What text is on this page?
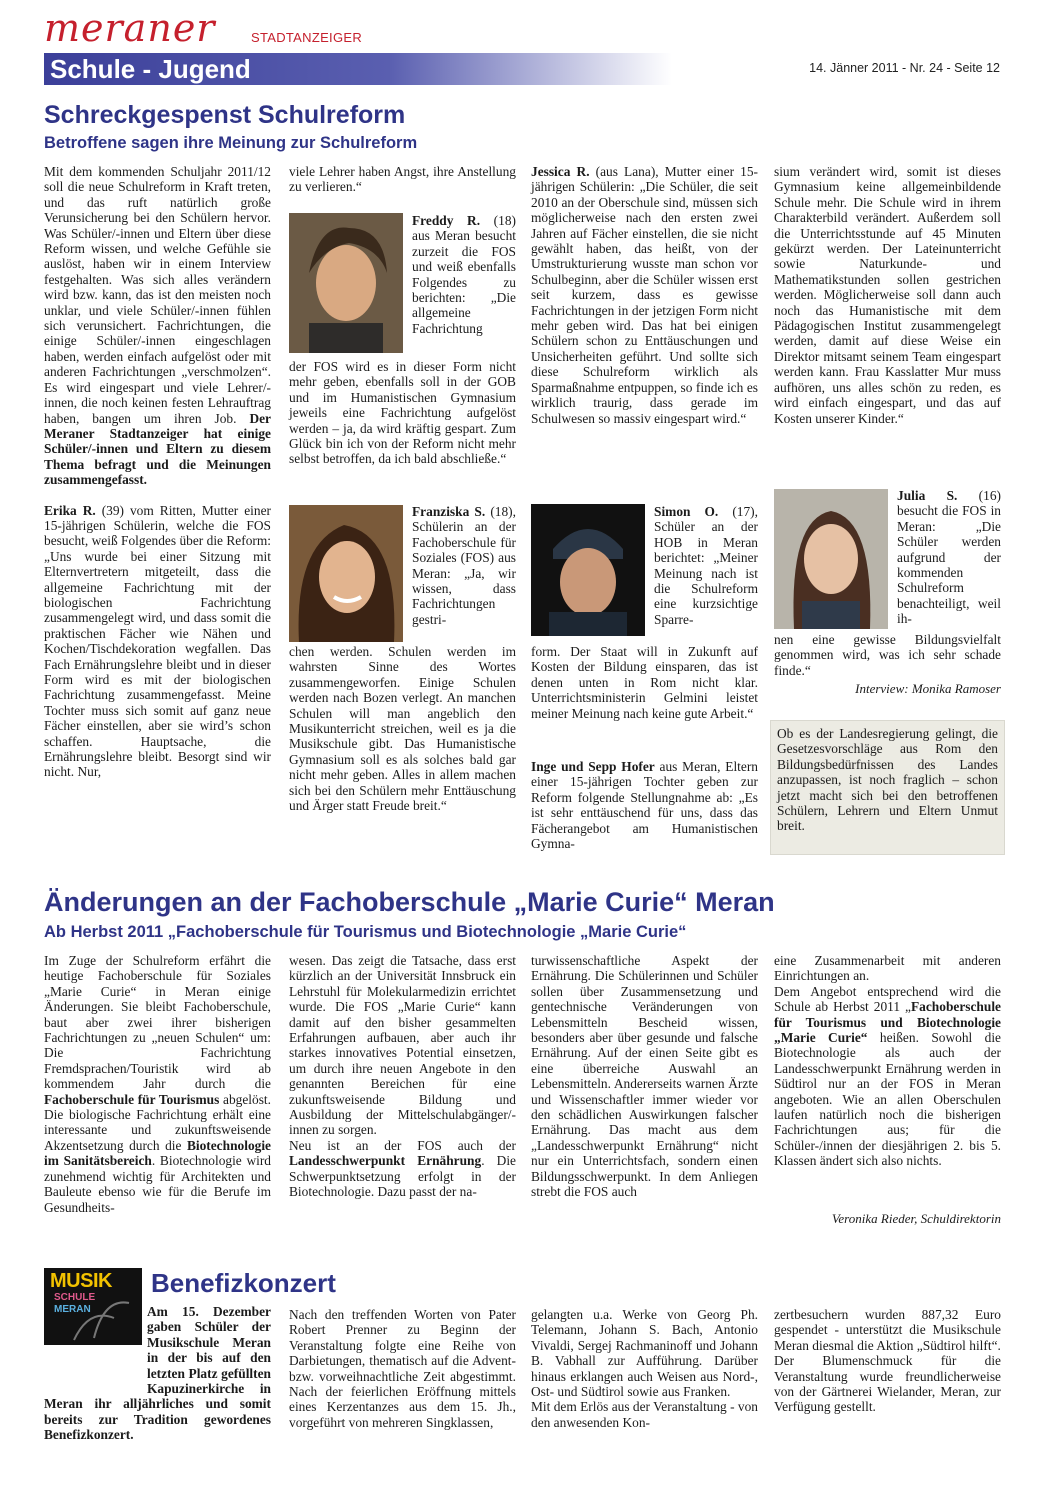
meraner	STADTANZEIGER
Schule - Jugend	14. Jänner 2011 - Nr. 24 - Seite 12
Schreckgespenst Schulreform
Betroffene sagen ihre Meinung zur Schulreform

Mit dem kommenden Schuljahr 2011/12 soll die neue Schulreform in Kraft treten, und das ruft natürlich große Verunsicherung bei den Schülern hervor. Was Schüler/-innen und Eltern über diese Reform wissen, und welche Gefühle sie auslöst, haben wir in einem Interview festgehalten. Was sich alles verändern wird bzw. kann, das ist den meisten noch unklar, und viele Schüler/-innen fühlen sich verunsichert. Fachrichtungen, die einige Schüler/-innen eingeschlagen haben, werden einfach aufgelöst oder mit anderen Fachrichtungen „verschmolzen“. Es wird eingespart und viele Lehrer/-innen, die noch keinen festen Lehrauftrag haben, bangen um ihren Job. Der Meraner Stadtanzeiger hat einige Schüler/-innen und Eltern zu diesem Thema befragt und die Meinungen zusammengefasst.

Erika R. (39) vom Ritten, Mutter einer 15-jährigen Schülerin, welche die FOS besucht, weiß Folgendes über die Reform: „Uns wurde bei einer Sitzung mit Elternvertretern mitgeteilt, dass die allgemeine Fachrichtung mit der biologischen Fachrichtung zusammengelegt wird, und dass somit die praktischen Fächer wie Nähen und Kochen/Tischdekoration wegfallen. Das Fach Ernährungslehre bleibt und in dieser Form wird es mit der biologischen Fachrichtung zusammengefasst. Meine Tochter muss sich somit auf ganz neue Fächer einstellen, aber sie wird’s schon schaffen. Hauptsache, die Ernährungslehre bleibt. Besorgt sind wir nicht. Nur,

viele Lehrer haben Angst, ihre Anstellung zu verlieren.“

Freddy R. (18) aus Meran besucht zurzeit die FOS und weiß ebenfalls Folgendes zu berichten: „Die allgemeine Fachrichtung
der FOS wird es in dieser Form nicht mehr geben, ebenfalls soll in der GOB und im Humanistischen Gymnasium jeweils eine Fachrichtung aufgelöst werden – ja, da wird kräftig gespart. Zum Glück bin ich von der Reform nicht mehr selbst betroffen, da ich bald abschließe.“
Franziska S. (18), Schülerin an der Fachoberschule für Soziales (FOS) aus Meran: „Ja, wir wissen, dass Fachrichtungen gestri-
chen werden. Schulen werden im wahrsten Sinne des Wortes zusammengeworfen. Einige Schulen werden nach Bozen verlegt. An manchen Schulen will man angeblich den Musikunterricht streichen, weil es ja die Musikschule gibt. Das Humanistische Gymnasium soll es als solches bald gar nicht mehr geben. Alles in allem machen sich bei den Schülern mehr Enttäuschung und Ärger statt Freude breit.“
Jessica R. (aus Lana), Mutter einer 15-jährigen Schülerin: „Die Schüler, die seit 2010 an der Oberschule sind, müssen sich möglicherweise nach den ersten zwei Jahren auf Fächer einstellen, die sie nicht gewählt haben, das heißt, von der Umstrukturierung wusste man schon vor Schulbeginn, aber die Schüler wissen erst seit kurzem, dass es gewisse Fachrichtungen in der jetzigen Form nicht mehr geben wird. Das hat bei einigen Schülern schon zu Enttäuschungen und Unsicherheiten geführt. Und sollte sich diese Schulreform wirklich als Sparmaßnahme entpuppen, so finde ich es wirklich traurig, dass gerade im Schulwesen so massiv eingespart wird.“
Simon O. (17), Schüler an der HOB in Meran berichtet: „Meiner Meinung nach ist die Schulreform eine kurzsichtige Sparre-
form. Der Staat will in Zukunft auf Kosten der Bildung einsparen, das ist denen unten in Rom nicht klar. Unterrichtsministerin Gelmini leistet meiner Meinung nach keine gute Arbeit.“
Inge und Sepp Hofer aus Meran, Eltern einer 15-jährigen Tochter geben zur Reform folgende Stellungnahme ab: „Es ist sehr enttäuschend für uns, dass das Fächerangebot am Humanistischen Gymna-
sium verändert wird, somit ist dieses Gymnasium keine allgemeinbildende Schule mehr. Die Schule wird in ihrem Charakterbild verändert. Außerdem soll die Unterrichtsstunde auf 45 Minuten gekürzt werden. Der Lateinunterricht sowie Naturkunde- und Mathematikstunden sollen gestrichen werden. Möglicherweise soll dann auch noch das Humanistische mit dem Pädagogischen Institut zusammengelegt werden, damit auf diese Weise ein Direktor mitsamt seinem Team eingespart werden kann. Frau Kasslatter Mur muss aufhören, uns alles schön zu reden, es wird einfach eingespart, und das auf Kosten unserer Kinder.“
Julia S. (16) besucht die FOS in Meran: „Die Schüler werden aufgrund der kommenden Schulreform benachteiligt, weil ih-
nen eine gewisse Bildungsvielfalt genommen wird, was ich sehr schade finde.“
Interview: Monika Ramoser
Ob es der Landesregierung gelingt, die Gesetzesvorschläge aus Rom den Bildungsbedürfnissen des Landes anzupassen, ist noch fraglich – schon jetzt macht sich bei den betroffenen Schülern, Lehrern und Eltern Unmut breit.
Änderungen an der Fachoberschule „Marie Curie“ Meran
Ab Herbst 2011 „Fachoberschule für Tourismus und Biotechnologie „Marie Curie“
Im Zuge der Schulreform erfährt die heutige Fachoberschule für Soziales „Marie Curie“ in Meran einige Änderungen. Sie bleibt Fachoberschule, baut aber zwei ihrer bisherigen Fachrichtungen zu „neuen Schulen“ um: Die Fachrichtung Fremdsprachen/Touristik wird ab kommendem Jahr durch die Fachoberschule für Tourismus abgelöst. Die biologische Fachrichtung erhält eine interessante und zukunftsweisende Akzentsetzung durch die Biotechnologie im Sanitätsbereich. Biotechnologie wird zunehmend wichtig für Architekten und Bauleute ebenso wie für die Berufe im Gesundheits-

wesen. Das zeigt die Tatsache, dass erst kürzlich an der Universität Innsbruck ein Lehrstuhl für Molekularmedizin errichtet wurde. Die FOS „Marie Curie“ kann damit auf den bisher gesammelten Erfahrungen aufbauen, aber auch ihr starkes innovatives Potential einsetzen, um durch ihre neuen Angebote in den genannten Bereichen für eine zukunftsweisende Bildung und Ausbildung der Mittelschulabgänger/-innen zu sorgen.

Neu ist an der FOS auch der Landesschwerpunkt Ernährung. Die Schwerpunktsetzung erfolgt in der Biotechnologie. Dazu passt der na-

turwissenschaftliche Aspekt der Ernährung. Die Schülerinnen und Schüler sollen über Zusammensetzung und gentechnische Veränderungen von Lebensmitteln Bescheid wissen, besonders aber über gesunde und falsche Ernährung. Auf der einen Seite gibt es eine überreiche Auswahl an Lebensmitteln. Andererseits warnen Ärzte und Wissenschaftler immer wieder vor den schädlichen Auswirkungen falscher Ernährung. Das macht aus dem „Landesschwerpunkt Ernährung“ nicht nur ein Unterrichtsfach, sondern einen Bildungsschwerpunkt. In dem Anliegen strebt die FOS auch

eine Zusammenarbeit mit anderen Einrichtungen an.

Dem Angebot entsprechend wird die Schule ab Herbst 2011 „Fachoberschule für Tourismus und Biotechnologie „Marie Curie“ heißen. Sowohl die Biotechnologie als auch der Landesschwerpunkt Ernährung werden in Südtirol nur an der FOS in Meran angeboten. Wie an allen Oberschulen laufen natürlich noch die bisherigen Fachrichtungen aus; für die Schüler-/innen der diesjährigen 2. bis 5. Klassen ändert sich also nichts.

Veronika Rieder, Schuldirektorin
MUSIK
SCHULE
MERAN
Benefizkonzert
Am 15. Dezember gaben Schüler der Musikschule Meran in der bis auf den letzten Platz gefüllten Kapuzinerkirche in Meran ihr alljährliches und somit bereits zur Tradition gewordenes Benefizkonzert.
Nach den treffenden Worten von Pater Robert Prenner zu Beginn der Veranstaltung folgte eine Reihe von Darbietungen, thematisch auf die Advent- bzw. vorweihnachtliche Zeit abgestimmt. Nach der feierlichen Eröffnung mittels eines Kerzentanzes aus dem 15. Jh., vorgeführt von mehreren Singklassen,

gelangten u.a. Werke von Georg Ph. Telemann, Johann S. Bach, Antonio Vivaldi, Sergej Rachmaninoff und Johann B. Vabhall zur Aufführung. Darüber hinaus erklangen auch Weisen aus Nord-, Ost- und Südtirol sowie aus Franken.

Mit dem Erlös aus der Veranstaltung - von den anwesenden Kon-

zertbesuchern wurden 887,32 Euro gespendet - unterstützt die Musikschule Meran diesmal die Aktion „Südtirol hilft“.

Der Blumenschmuck für die Veranstaltung wurde freundlicherweise von der Gärtnerei Wielander, Meran, zur Verfügung gestellt.
